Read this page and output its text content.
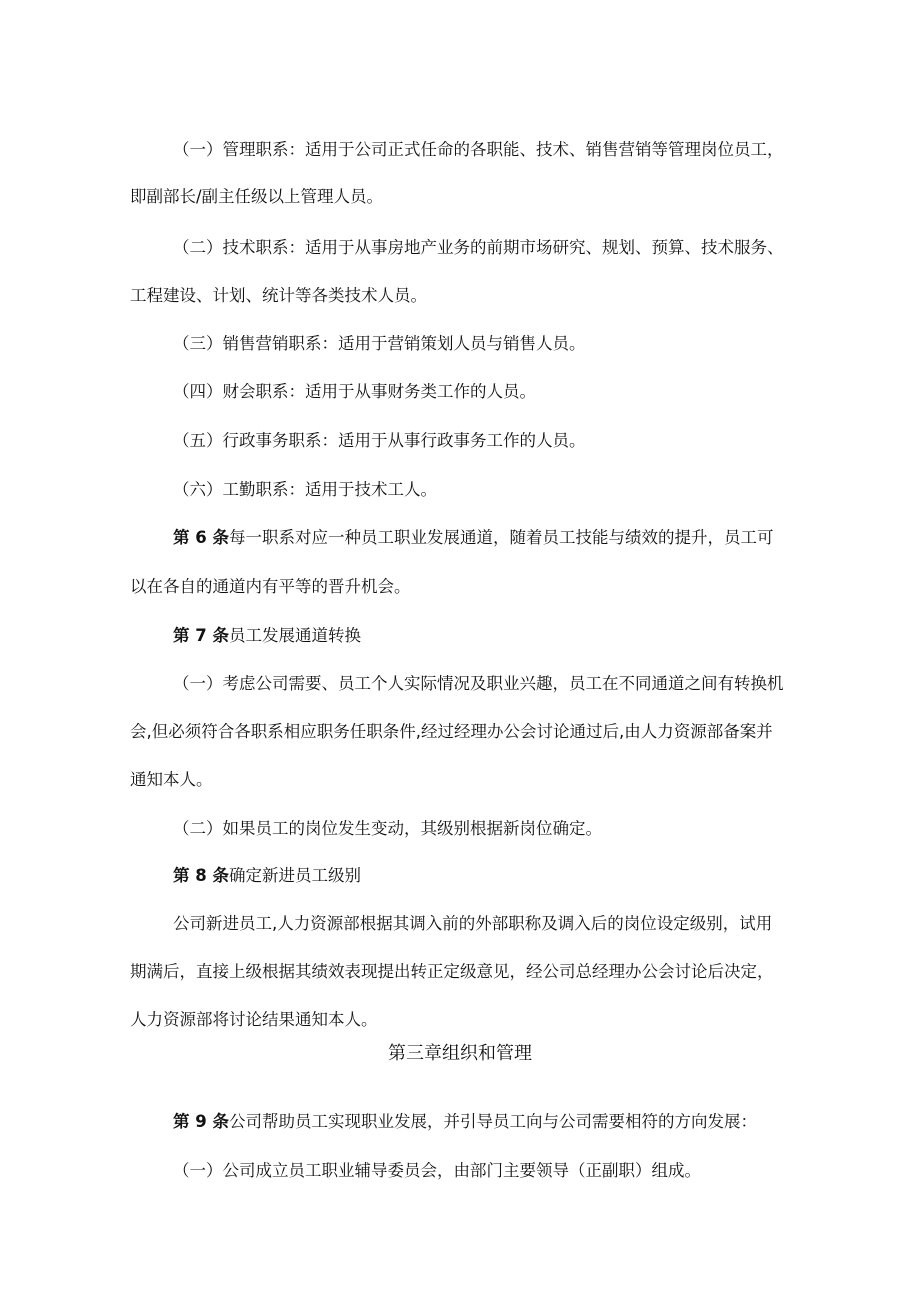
（一）管理职系：适用于公司正式任命的各职能、技术、销售营销等管理岗位员工，
即副部长/副主任级以上管理人员。
（二）技术职系：适用于从事房地产业务的前期市场研究、规划、预算、技术服务、
工程建设、计划、统计等各类技术人员。
（三）销售营销职系：适用于营销策划人员与销售人员。
（四）财会职系：适用于从事财务类工作的人员。
（五）行政事务职系：适用于从事行政事务工作的人员。
（六）工勤职系：适用于技术工人。
第 6 条每一职系对应一种员工职业发展通道，随着员工技能与绩效的提升，员工可
以在各自的通道内有平等的晋升机会。
第 7 条员工发展通道转换
（一）考虑公司需要、员工个人实际情况及职业兴趣，员工在不同通道之间有转换机
会,但必须符合各职系相应职务任职条件,经过经理办公会讨论通过后,由人力资源部备案并
通知本人。
（二）如果员工的岗位发生变动，其级别根据新岗位确定。
第 8 条确定新进员工级别
公司新进员工,人力资源部根据其调入前的外部职称及调入后的岗位设定级别，试用
期满后，直接上级根据其绩效表现提出转正定级意见，经公司总经理办公会讨论后决定，
人力资源部将讨论结果通知本人。
第三章组织和管理
第 9 条公司帮助员工实现职业发展，并引导员工向与公司需要相符的方向发展：
（一）公司成立员工职业辅导委员会，由部门主要领导（正副职）组成。
